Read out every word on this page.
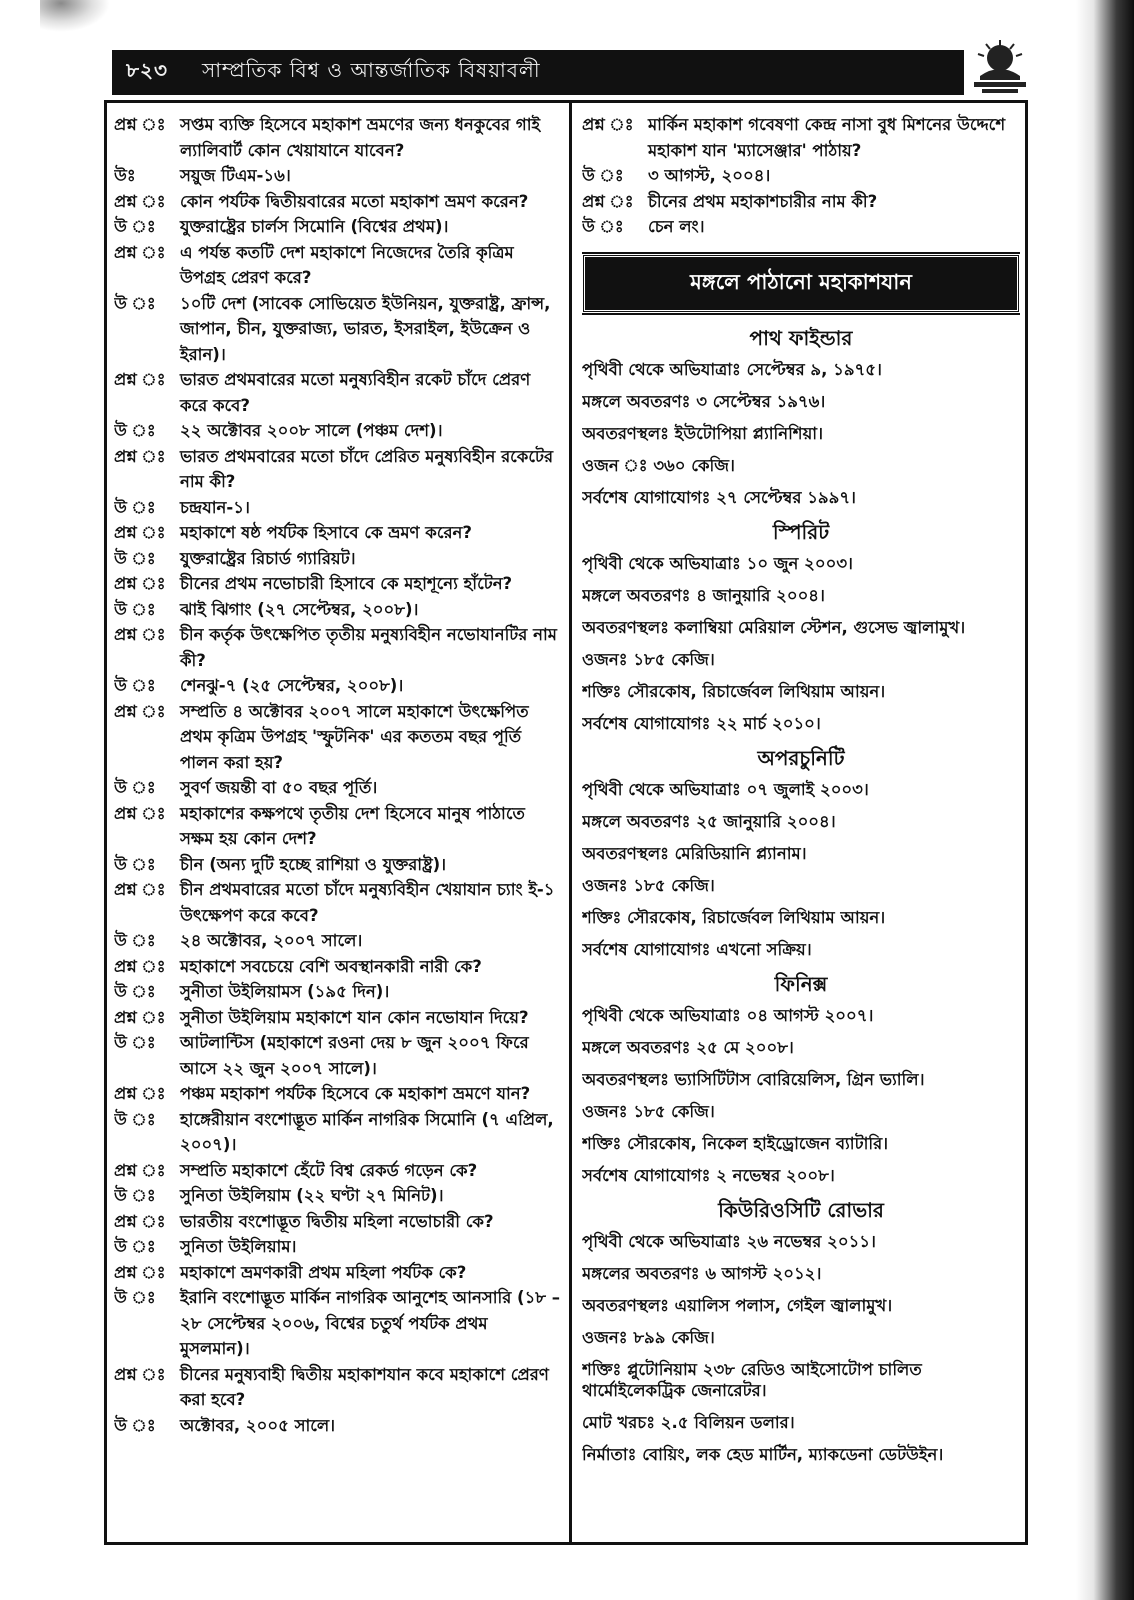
৮২৩ সাম্প্রতিক বিশ্ব ও আন্তর্জাতিক বিষয়াবলী
প্রশ্ন ঃ সপ্তম ব্যক্তি হিসেবে মহাকাশ ভ্রমণের জন্য ধনকুবের গাই ল্যালিবার্ট কোন খেয়াযানে যাবেন?
উঃ	সয়ুজ টিএম-১৬।
প্রশ্ন ঃ কোন পর্যটক দ্বিতীয়বারের মতো মহাকাশ ভ্রমণ করেন?
উ ঃ	যুক্তরাষ্ট্রের চার্লস সিমোনি (বিশ্বের প্রথম)।
প্রশ্ন ঃ এ পর্যন্ত কতটি দেশ মহাকাশে নিজেদের তৈরি কৃত্রিম উপগ্রহ প্রেরণ করে?
উ ঃ	১০টি দেশ (সাবেক সোভিয়েত ইউনিয়ন, যুক্তরাষ্ট্র, ফ্রান্স, জাপান, চীন, যুক্তরাজ্য, ভারত, ইসরাইল, ইউক্রেন ও ইরান)।
প্রশ্ন ঃ ভারত প্রথমবারের মতো মনুষ্যবিহীন রকেট চাঁদে প্রেরণ করে কবে?
উ ঃ	২২ অক্টোবর ২০০৮ সালে (পঞ্চম দেশ)।
প্রশ্ন ঃ ভারত প্রথমবারের মতো চাঁদে প্রেরিত মনুষ্যবিহীন রকেটের নাম কী?
উ ঃ	চন্দ্রযান-১।
প্রশ্ন ঃ মহাকাশে ষষ্ঠ পর্যটক হিসাবে কে ভ্রমণ করেন?
উ ঃ	যুক্তরাষ্ট্রের রিচার্ড গ্যারিয়ট।
প্রশ্ন ঃ চীনের প্রথম নভোচারী হিসাবে কে মহাশূন্যে হাঁটেন?
উ ঃ	ঝাই ঝিগাং (২৭ সেপ্টেম্বর, ২০০৮)।
প্রশ্ন ঃ চীন কর্তৃক উৎক্ষেপিত তৃতীয় মনুষ্যবিহীন নভোযানটির নাম কী?
উ ঃ	শেনঝু-৭ (২৫ সেপ্টেম্বর, ২০০৮)।
প্রশ্ন ঃ সম্প্রতি ৪ অক্টোবর ২০০৭ সালে মহাকাশে উৎক্ষেপিত প্রথম কৃত্রিম উপগ্রহ 'স্ফুটনিক' এর কততম বছর পূর্তি পালন করা হয়?
উ ঃ	সুবর্ণ জয়ন্তী বা ৫০ বছর পূর্তি।
প্রশ্ন ঃ মহাকাশের কক্ষপথে তৃতীয় দেশ হিসেবে মানুষ পাঠাতে সক্ষম হয় কোন দেশ?
উ ঃ	চীন (অন্য দুটি হচ্ছে রাশিয়া ও যুক্তরাষ্ট্র)।
প্রশ্ন ঃ চীন প্রথমবারের মতো চাঁদে মনুষ্যবিহীন খেয়াযান চ্যাং ই-১ উৎক্ষেপণ করে কবে?
উ ঃ	২৪ অক্টোবর, ২০০৭ সালে।
প্রশ্ন ঃ মহাকাশে সবচেয়ে বেশি অবস্থানকারী নারী কে?
উ ঃ	সুনীতা উইলিয়ামস (১৯৫ দিন)।
প্রশ্ন ঃ সুনীতা উইলিয়াম মহাকাশে যান কোন নভোযান দিয়ে?
উ ঃ	আটলান্টিস (মহাকাশে রওনা দেয় ৮ জুন ২০০৭ ফিরে আসে ২২ জুন ২০০৭ সালে)।
প্রশ্ন ঃ পঞ্চম মহাকাশ পর্যটক হিসেবে কে মহাকাশ ভ্রমণে যান?
উ ঃ	হাঙ্গেরীয়ান বংশোদ্ভূত মার্কিন নাগরিক সিমোনি (৭ এপ্রিল, ২০০৭)।
প্রশ্ন ঃ সম্প্রতি মহাকাশে হেঁটে বিশ্ব রেকর্ড গড়েন কে?
উ ঃ	সুনিতা উইলিয়াম (২২ ঘণ্টা ২৭ মিনিট)।
প্রশ্ন ঃ ভারতীয় বংশোদ্ভূত দ্বিতীয় মহিলা নভোচারী কে?
উ ঃ	সুনিতা উইলিয়াম।
প্রশ্ন ঃ মহাকাশে ভ্রমণকারী প্রথম মহিলা পর্যটক কে?
উ ঃ	ইরানি বংশোদ্ভূত মার্কিন নাগরিক আনুশেহ আনসারি (১৮ – ২৮ সেপ্টেম্বর ২০০৬, বিশ্বের চতুর্থ পর্যটক প্রথম মুসলমান)।
প্রশ্ন ঃ চীনের মনুষ্যবাহী দ্বিতীয় মহাকাশযান কবে মহাকাশে প্রেরণ করা হবে?
উ ঃ	অক্টোবর, ২০০৫ সালে।
প্রশ্ন ঃ মার্কিন মহাকাশ গবেষণা কেন্দ্র নাসা বুধ মিশনের উদ্দেশে মহাকাশ যান 'ম্যাসেঞ্জার' পাঠায়?
উ ঃ	৩ আগস্ট, ২০০৪।
প্রশ্ন ঃ চীনের প্রথম মহাকাশচারীর নাম কী?
উ ঃ	চেন লং।
মঙ্গলে পাঠানো মহাকাশযান
পাথ ফাইন্ডার
পৃথিবী থেকে অভিযাত্রাঃ সেপ্টেম্বর ৯, ১৯৭৫।
মঙ্গলে অবতরণঃ ৩ সেপ্টেম্বর ১৯৭৬।
অবতরণস্থলঃ ইউটোপিয়া প্ল্যানিশিয়া।
ওজন ঃ ৩৬০ কেজি।
সর্বশেষ যোগাযোগঃ ২৭ সেপ্টেম্বর ১৯৯৭।
স্পিরিট
পৃথিবী থেকে অভিযাত্রাঃ ১০ জুন ২০০৩।
মঙ্গলে অবতরণঃ ৪ জানুয়ারি ২০০৪।
অবতরণস্থলঃ কলাম্বিয়া মেরিয়াল স্টেশন, গুসেভ জ্বালামুখ।
ওজনঃ ১৮৫ কেজি।
শক্তিঃ সৌরকোষ, রিচার্জেবল লিথিয়াম আয়ন।
সর্বশেষ যোগাযোগঃ ২২ মার্চ ২০১০।
অপরচুনিটি
পৃথিবী থেকে অভিযাত্রাঃ ০৭ জুলাই ২০০৩।
মঙ্গলে অবতরণঃ ২৫ জানুয়ারি ২০০৪।
অবতরণস্থলঃ মেরিডিয়ানি প্ল্যানাম।
ওজনঃ ১৮৫ কেজি।
শক্তিঃ সৌরকোষ, রিচার্জেবল লিথিয়াম আয়ন।
সর্বশেষ যোগাযোগঃ এখনো সক্রিয়।
ফিনিক্স
পৃথিবী থেকে অভিযাত্রাঃ ০৪ আগস্ট ২০০৭।
মঙ্গলে অবতরণঃ ২৫ মে ২০০৮।
অবতরণস্থলঃ ভ্যাসিটিটাস বোরিয়েলিস, গ্রিন ভ্যালি।
ওজনঃ ১৮৫ কেজি।
শক্তিঃ সৌরকোষ, নিকেল হাইড্রোজেন ব্যাটারি।
সর্বশেষ যোগাযোগঃ ২ নভেম্বর ২০০৮।
কিউরিওসিটি রোভার
পৃথিবী থেকে অভিযাত্রাঃ ২৬ নভেম্বর ২০১১।
মঙ্গলের অবতরণঃ ৬ আগস্ট ২০১২।
অবতরণস্থলঃ এয়ালিস পলাস, গেইল জ্বালামুখ।
ওজনঃ ৮৯৯ কেজি।
শক্তিঃ প্লুটোনিয়াম ২৩৮ রেডিও আইসোটোপ চালিত থার্মোইলেকট্রিক জেনারেটর।
মোট খরচঃ ২.৫ বিলিয়ন ডলার।
নির্মাতাঃ বোয়িং, লক হেড মার্টিন, ম্যাকডেনা ডেটউইন।
